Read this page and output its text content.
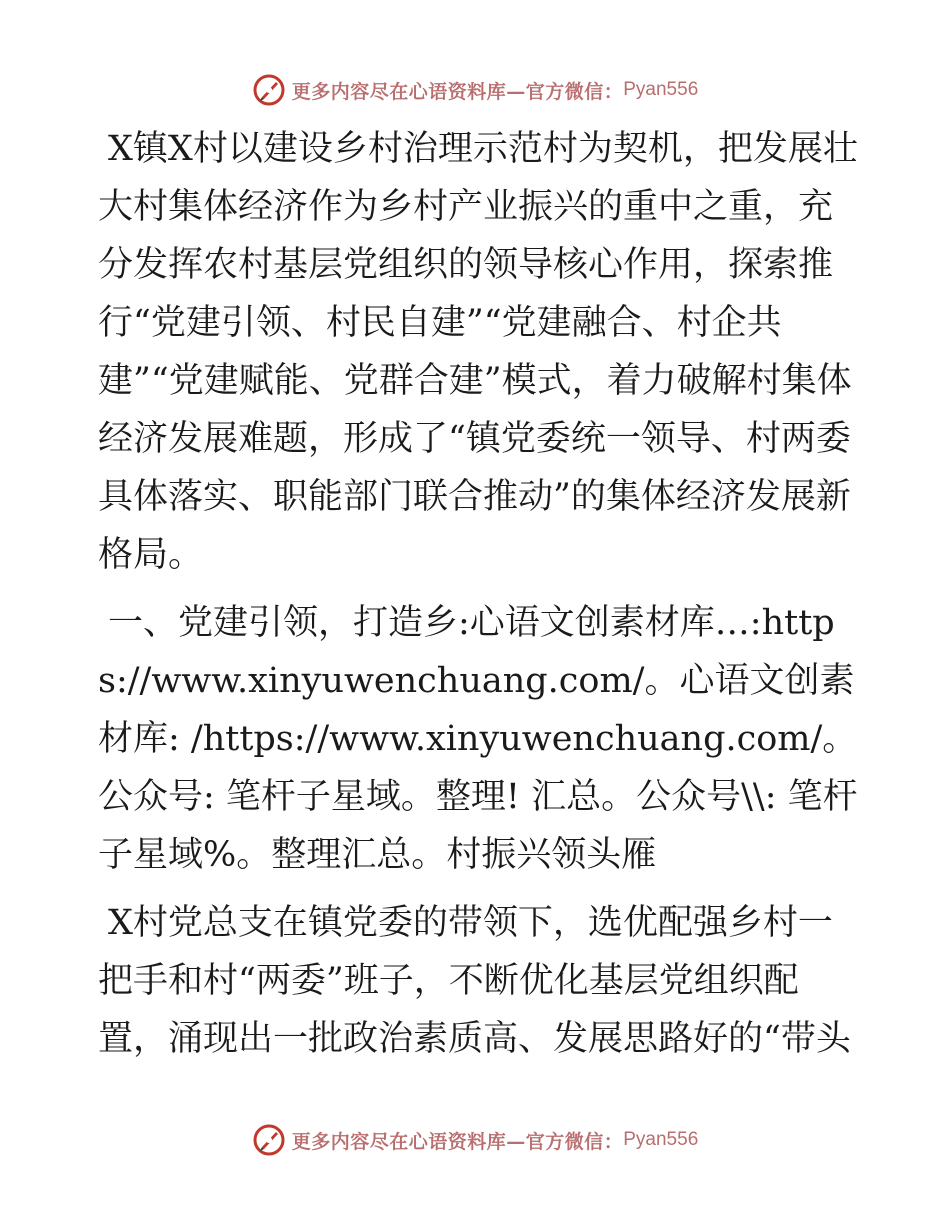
更多内容尽在心语资料库—官方微信： Pyan556

X镇X村以建设乡村治理示范村为契机，把发展壮大村集体经济作为乡村产业振兴的重中之重，充分发挥农村基层党组织的领导核心作用，探索推行“党建引领、村民自建”“党建融合、村企共建”“党建赋能、党群合建”模式，着力破解村集体经济发展难题，形成了“镇党委统一领导、村两委具体落实、职能部门联合推动”的集体经济发展新格局。

一、党建引领，打造乡:心语文创素材库…:https://www.xinyuwenchuang.com/。心语文创素材库: /https://www.xinyuwenchuang.com/。公众号: 笔杆子星域。整理! 汇总。公众号\\: 笔杆子星域%。整理汇总。村振兴领头雁

X村党总支在镇党委的带领下，选优配强乡村一把手和村“两委”班子，不断优化基层党组织配置，涌现出一批政治素质高、发展思路好的“带头

更多内容尽在心语资料库—官方微信： Pyan556
